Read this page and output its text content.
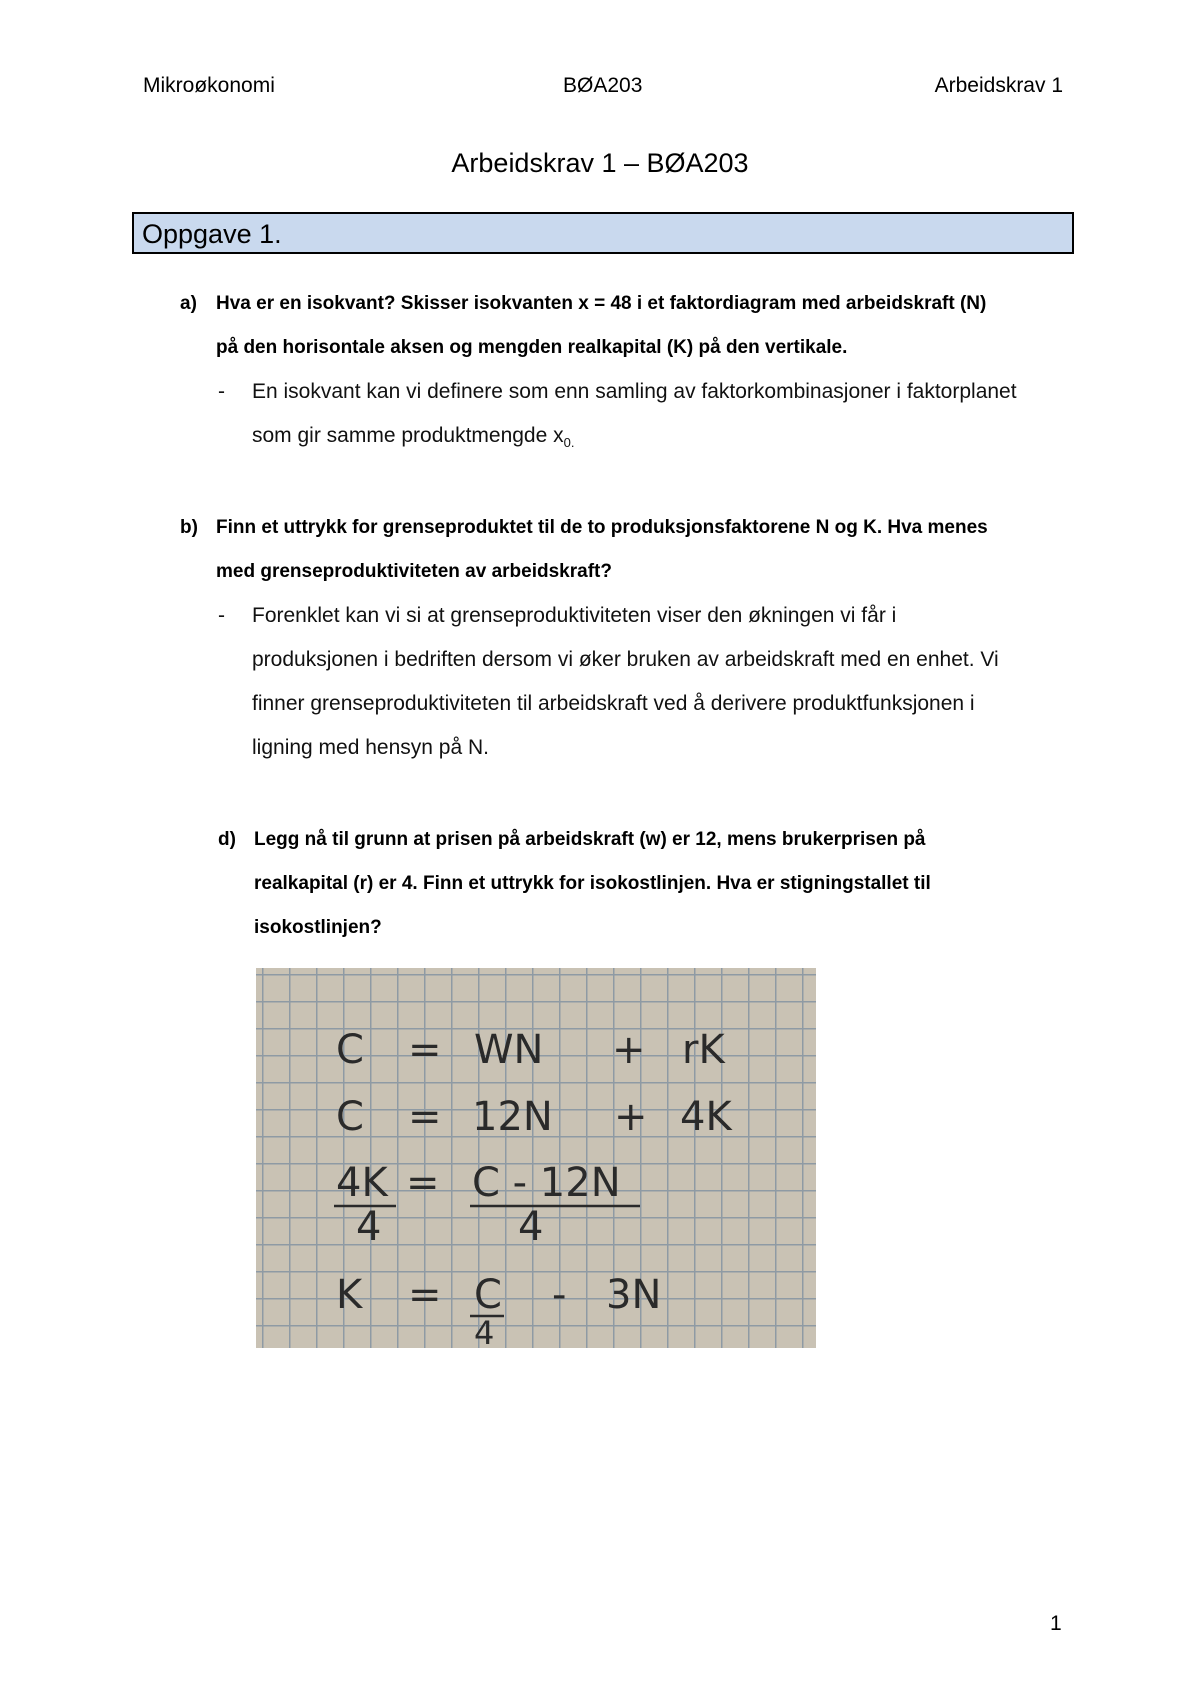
Mikroøkonomi	BØA203	Arbeidskrav 1
Arbeidskrav 1 – BØA203
Oppgave 1.
a) Hva er en isokvant? Skisser isokvanten x = 48 i et faktordiagram med arbeidskraft (N)
på den horisontale aksen og mengden realkapital (K) på den vertikale.
- En isokvant kan vi definere som enn samling av faktorkombinasjoner i faktorplanet
som gir samme produktmengde $x_{0.}$
b) Finn et uttrykk for grenseproduktet til de to produksjonsfaktorene N og K. Hva menes
med grenseproduktiviteten av arbeidskraft?
- Forenklet kan vi si at grenseproduktiviteten viser den økningen vi får i
produksjonen i bedriften dersom vi øker bruken av arbeidskraft med en enhet. Vi
finner grenseproduktiviteten til arbeidskraft ved å derivere produktfunksjonen i
ligning med hensyn på N.
d) Legg nå til grunn at prisen på arbeidskraft (w) er 12, mens brukerprisen på
realkapital (r) er 4. Finn et uttrykk for isokostlinjen. Hva er stigningstallet til
isokostlinjen?
C = WN + rK
C = 12N + 4K
4K = C - 12N
4	4
K = C - 3N
4
1
